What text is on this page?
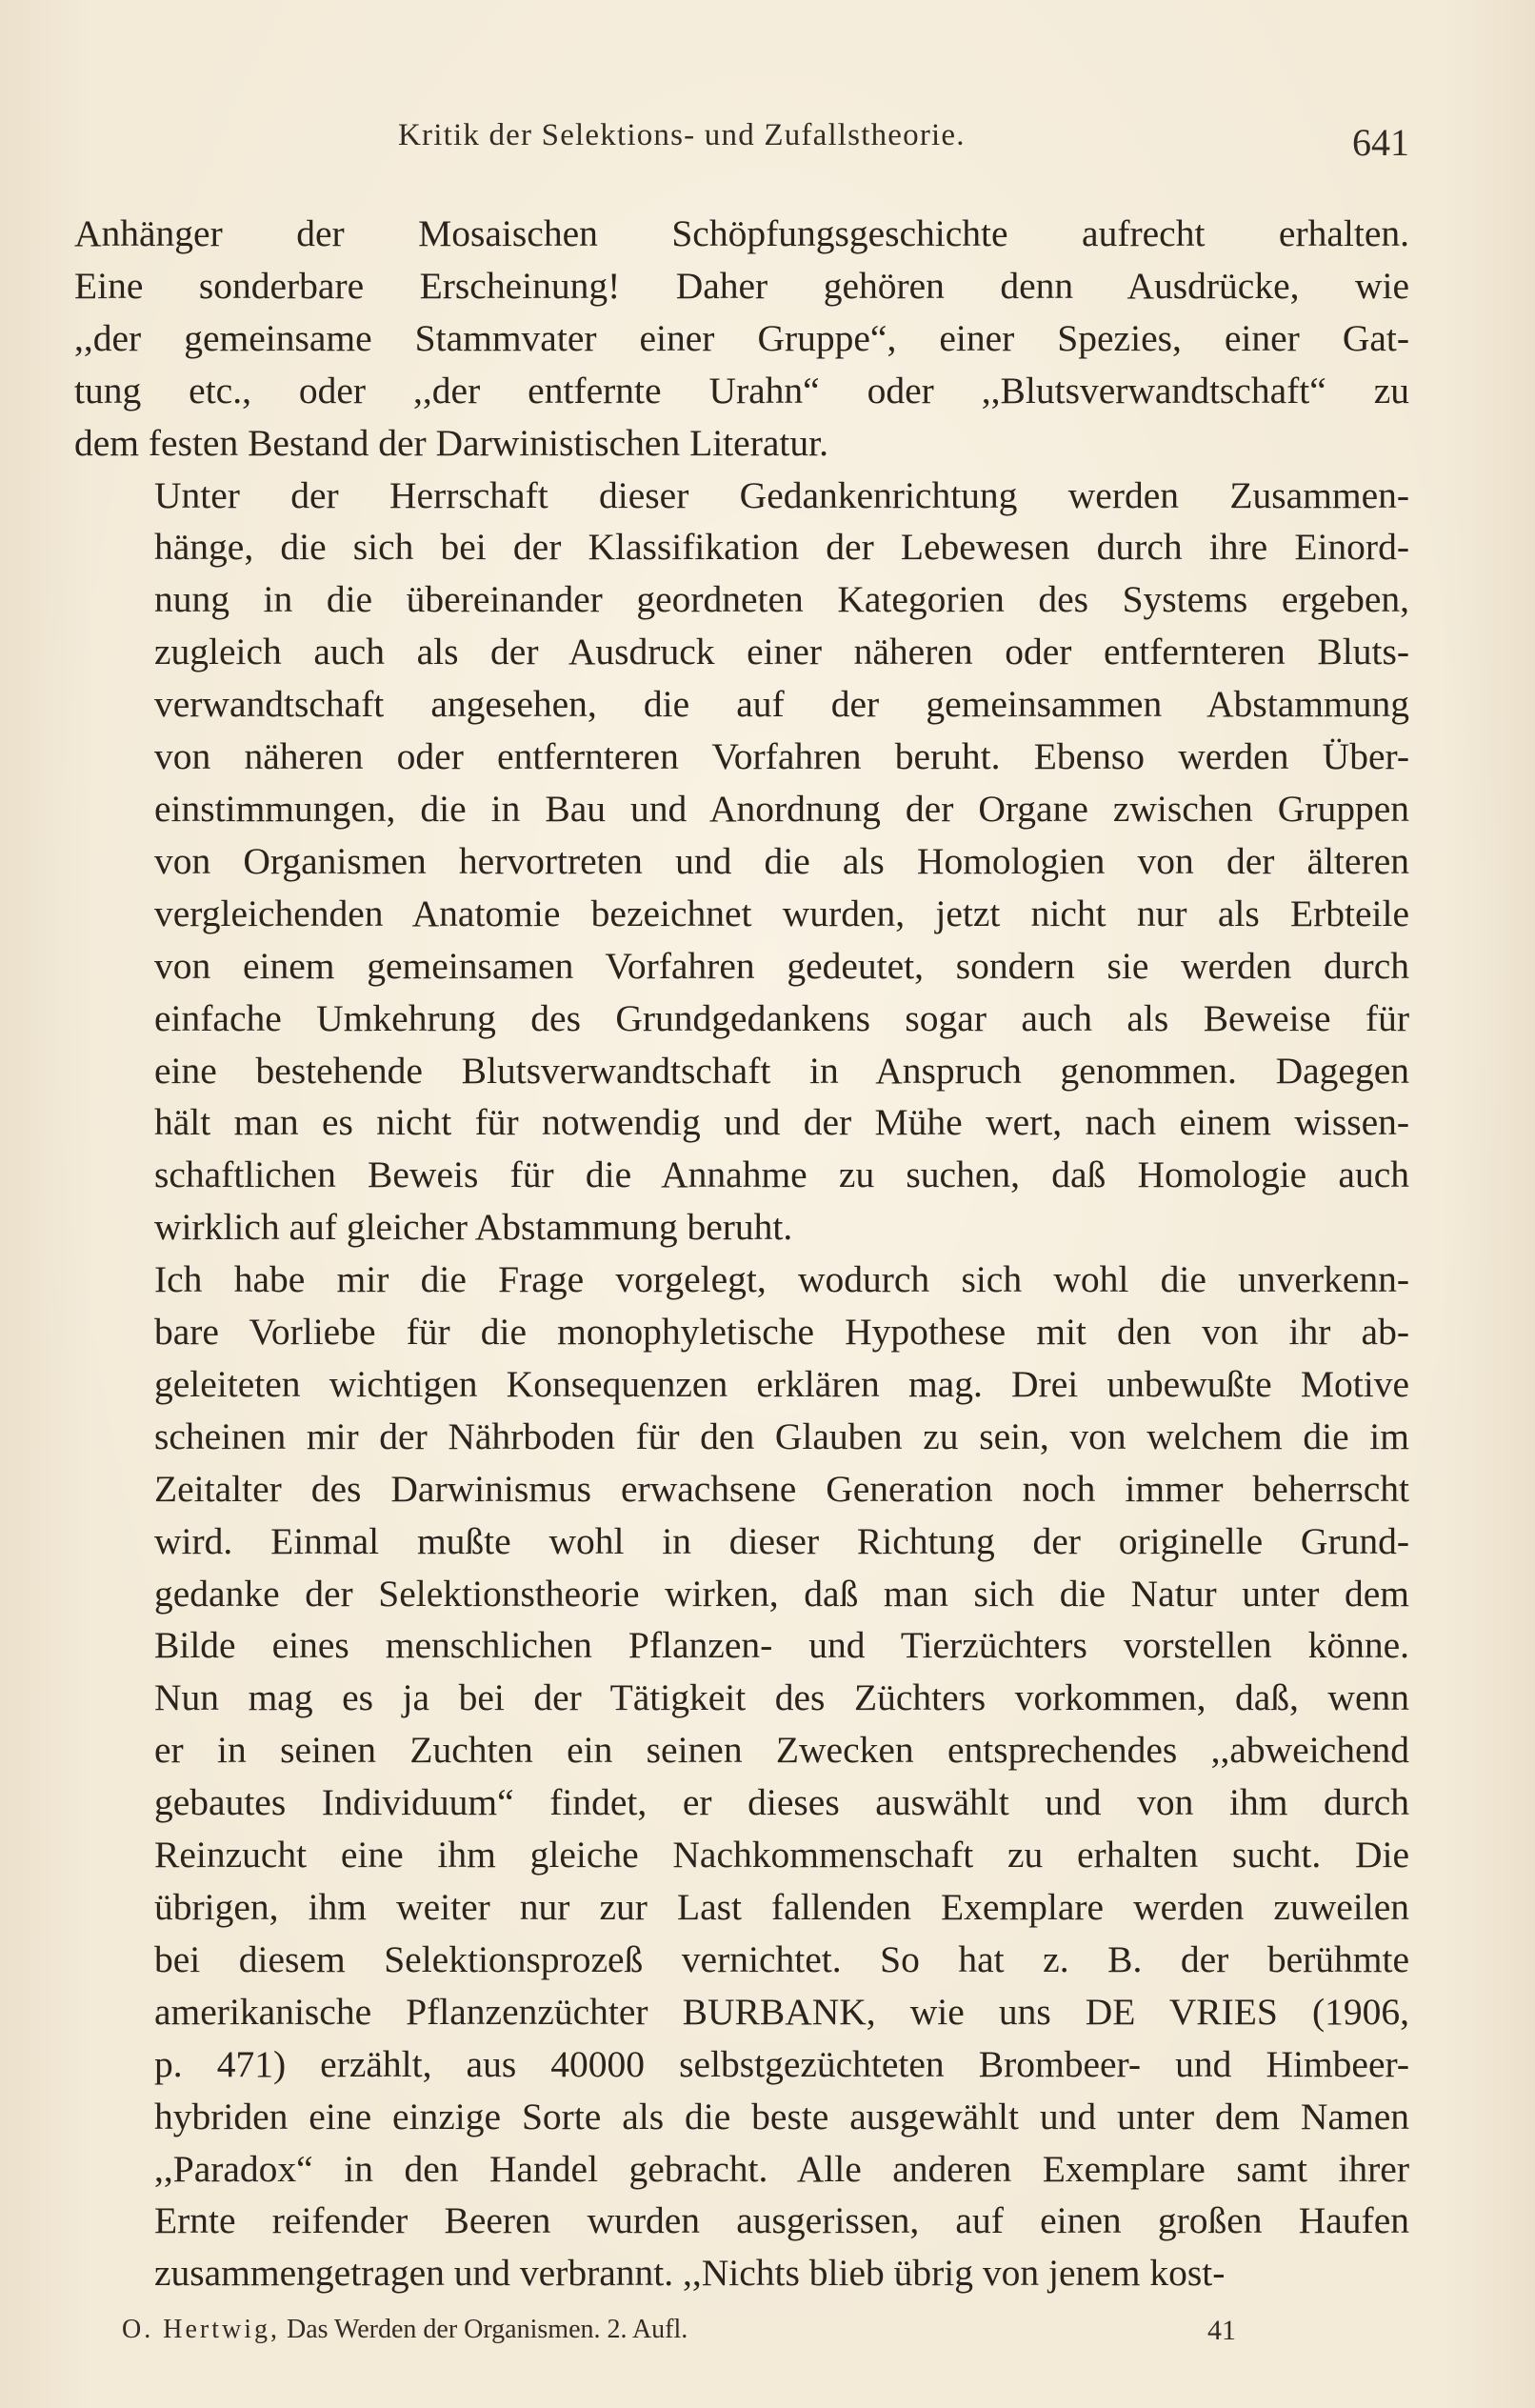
Kritik der Selektions- und Zufallstheorie.	641

Anhänger der Mosaischen Schöpfungsgeschichte aufrecht erhalten.
Eine sonderbare Erscheinung! Daher gehören denn Ausdrücke, wie
,,der gemeinsame Stammvater einer Gruppe“, einer Spezies, einer Gat-
tung etc., oder ,,der entfernte Urahn“ oder ,,Blutsverwandtschaft“ zu
dem festen Bestand der Darwinistischen Literatur.

Unter der Herrschaft dieser Gedankenrichtung werden Zusammen-
hänge, die sich bei der Klassifikation der Lebewesen durch ihre Einord-
nung in die übereinander geordneten Kategorien des Systems ergeben,
zugleich auch als der Ausdruck einer näheren oder entfernteren Bluts-
verwandtschaft angesehen, die auf der gemeinsammen Abstammung
von näheren oder entfernteren Vorfahren beruht. Ebenso werden Über-
einstimmungen, die in Bau und Anordnung der Organe zwischen Gruppen
von Organismen hervortreten und die als Homologien von der älteren
vergleichenden Anatomie bezeichnet wurden, jetzt nicht nur als Erbteile
von einem gemeinsamen Vorfahren gedeutet, sondern sie werden durch
einfache Umkehrung des Grundgedankens sogar auch als Beweise für
eine bestehende Blutsverwandtschaft in Anspruch genommen. Dagegen
hält man es nicht für notwendig und der Mühe wert, nach einem wissen-
schaftlichen Beweis für die Annahme zu suchen, daß Homologie auch
wirklich auf gleicher Abstammung beruht.

Ich habe mir die Frage vorgelegt, wodurch sich wohl die unverkenn-
bare Vorliebe für die monophyletische Hypothese mit den von ihr ab-
geleiteten wichtigen Konsequenzen erklären mag. Drei unbewußte Motive
scheinen mir der Nährboden für den Glauben zu sein, von welchem die im
Zeitalter des Darwinismus erwachsene Generation noch immer beherrscht
wird. Einmal mußte wohl in dieser Richtung der originelle Grund-
gedanke der Selektionstheorie wirken, daß man sich die Natur unter dem
Bilde eines menschlichen Pflanzen- und Tierzüchters vorstellen könne.
Nun mag es ja bei der Tätigkeit des Züchters vorkommen, daß, wenn
er in seinen Zuchten ein seinen Zwecken entsprechendes ,,abweichend
gebautes Individuum“ findet, er dieses auswählt und von ihm durch
Reinzucht eine ihm gleiche Nachkommenschaft zu erhalten sucht. Die
übrigen, ihm weiter nur zur Last fallenden Exemplare werden zuweilen
bei diesem Selektionsprozeß vernichtet. So hat z. B. der berühmte
amerikanische Pflanzenzüchter BURBANK, wie uns DE VRIES (1906,
p. 471) erzählt, aus 40000 selbstgezüchteten Brombeer- und Himbeer-
hybriden eine einzige Sorte als die beste ausgewählt und unter dem Namen
,,Paradox“ in den Handel gebracht. Alle anderen Exemplare samt ihrer
Ernte reifender Beeren wurden ausgerissen, auf einen großen Haufen
zusammengetragen und verbrannt. ,,Nichts blieb übrig von jenem kost-

O. Hertwig, Das Werden der Organismen. 2. Aufl.	41
